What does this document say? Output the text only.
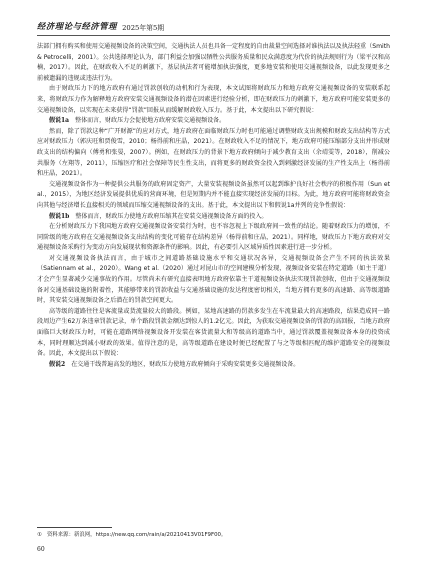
经济理论与经济管理 2025年第5期

法部门拥有购买和使用交通视频设备的决策空间，交通执法人员也具备一定程度的自由裁量空间选择对谁执法以及执法轻重（Smith & Petrocelli，2001）。公共选择理论认为，部门利益会加强以牺牲公共服务质量和民众满意度为代价的执法规则行为（梁平汉和高楠，2017）。因此，在财政收入不足的刺激下，基层执法者可能增加执法强度，更多地安装和使用交通视频设备，以此发现更多之前被遗漏的违规或违法行为。

由于财政压力下的地方政府有通过罚款创收的动机和行为表现，本文试图将财政压力和地方政府交通视频设备的安装联系起来，将财政压力作为解释地方政府安装交通视频设备的潜在因素进行经验分析，即在财政压力的刺激下，地方政府可能安装更多的交通视频设备，以实现在未来获得“罚款”回报从而缓解财政收入压力。基于此，本文提出以下研究假说：

假说1a  整体而言，财政压力会促使地方政府安装交通视频设备。

然而，除了罚款这种“广开财源”的应对方式，地方政府在面临财政压力时也可能通过调整财政支出规模和财政支出结构等方式应对财政压力（郭庆旺和贾俊雪，2010；杨得前和庄晶，2021）。在财政收入不足的情况下，地方政府可能压缩部分支出并形成财政支出的结构偏向（傅勇和张晏，2007）。例如，在财政压力的背景下地方政府倾向于减少教育支出（余靖雯等，2018），削减公共服务（左翔等，2011），压缩医疗和社会保障等民生性支出，而将更多的财政资金投入到刺激经济发展的生产性支出上（杨得前和庄晶，2021）。

交通视频设备作为一种提供公共服务的政府固定资产，大量安装视频设备虽然可以起到维护良好社会秩序的积极作用（Sun et al.，2015），为地区经济发展提供优质的营商环境，但是短期内并不能直接实现经济发展的目标。为此，地方政府可能将财政资金向其他与经济增长直接相关的领域而压缩交通视频设备的支出。基于此，本文提出以下和假说1a并列的竞争性假说：

假说1b  整体而言，财政压力使地方政府压缩其在安装交通视频设备方面的投入。

在分析财政压力下我国地方政府交通视频设备安装行为时，也不容忽视上下级政府间一致性的结论。随着财政压力的增加，不同阶级的地方政府在交通视频设备支出结构的变化可能存在结构差异（杨得前和庄晶，2021）。同样地，财政压力下地方政府对交通视频设备采购行为变动方向发展现状和资源条件的影响。因此，有必要引入区域异质性因素进行进一步分析。

对交通视频设备执法而言，由于城市之间道路基础设施水平和交通状况各异，交通视频设备会产生不同的执法效果（Satiennam et al.，2020）。Wang et al.（2020）通过对昆山市的空间建模分析发现，视频设备安装在特定道路（如主干道）才会产生显著减少交通事故的作用。尽管尚未有研究直接表明地方政府依靠主干道视频设备执法实现罚款创收，但由于交通视频设备对交通基础设施的附着性，其能够带来的罚款收益与交通基础设施的发达程度密切相关，当地方拥有更多的高速路、高等级道路时，其安装交通视频设备之后潜在的罚款空间更大。

高等级的道路往往是客流量或货流量较大的路段。例如，某地高速路的罚款多发生在车流量最大的高速路段，结果造成同一路段周边产生62万条违章罚款记录，单个路段罚款金额达到惊人的1.2亿元。因此，为获取交通视频设备的罚款的高回报，当地方政府面临巨大财政压力时，可能在道路网络视频设备开发装在客货流量大和等级高的道路当中，通过罚款覆盖视频设备本身的投资成本，同时理顺达到减小财政的效果。值得注意的是，高等级道路在建设时便已经配置了与之等级相匹配的维护道路安全的视频设备。因此，本文提出以下假说：

假说2  在交通干线普遍高发的地区，财政压力使地方政府倾向于采购安装更多交通视频设备。

① 资料来源：新浪网，https://new.qq.com/rain/a/20210413V01F9F00。
60
